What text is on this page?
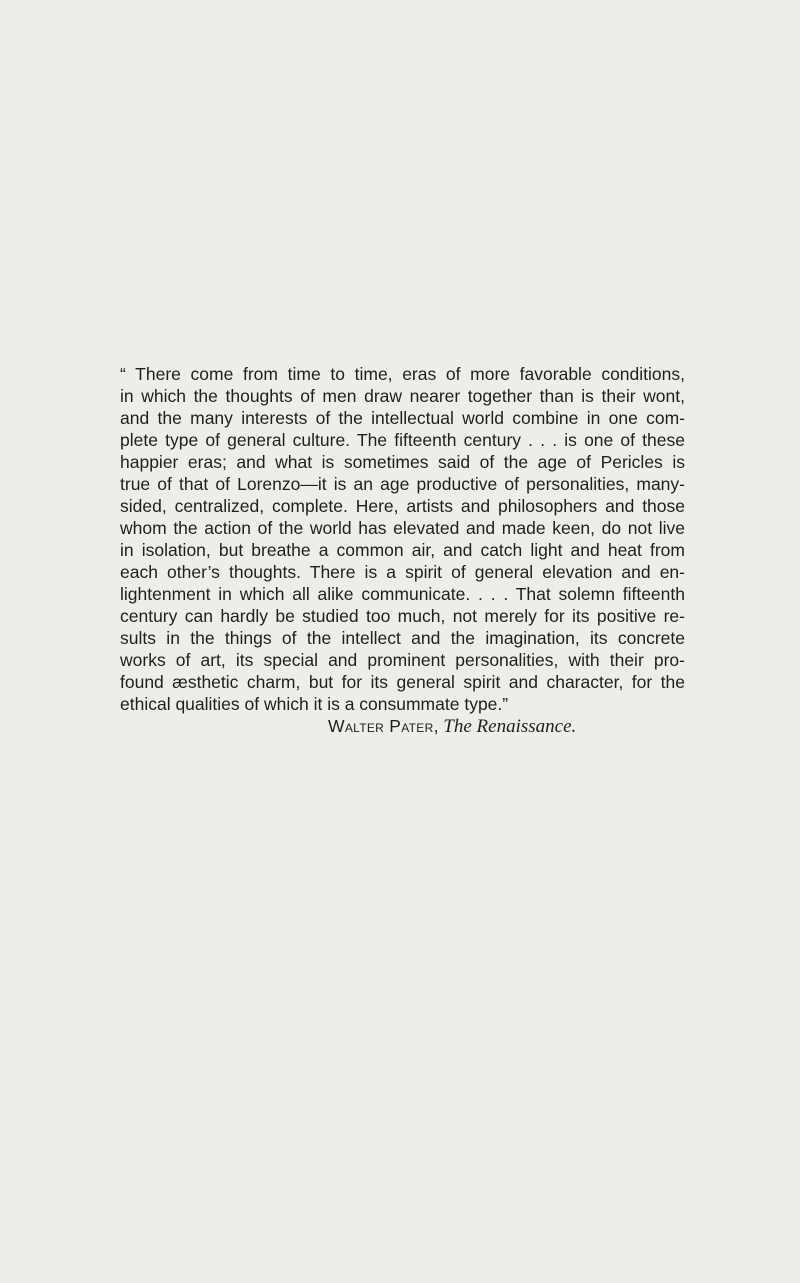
“ There come from time to time, eras of more favorable conditions,
in which the thoughts of men draw nearer together than is their wont,
and the many interests of the intellectual world combine in one com-
plete type of general culture. The fifteenth century . . . is one of these
happier eras; and what is sometimes said of the age of Pericles is
true of that of Lorenzo—it is an age productive of personalities, many-
sided, centralized, complete. Here, artists and philosophers and those
whom the action of the world has elevated and made keen, do not live
in isolation, but breathe a common air, and catch light and heat from
each other’s thoughts. There is a spirit of general elevation and en-
lightenment in which all alike communicate. . . . That solemn fifteenth
century can hardly be studied too much, not merely for its positive re-
sults in the things of the intellect and the imagination, its concrete
works of art, its special and prominent personalities, with their pro-
found æsthetic charm, but for its general spirit and character, for the
ethical qualities of which it is a consummate type.”
Walter Pater, The Renaissance.
